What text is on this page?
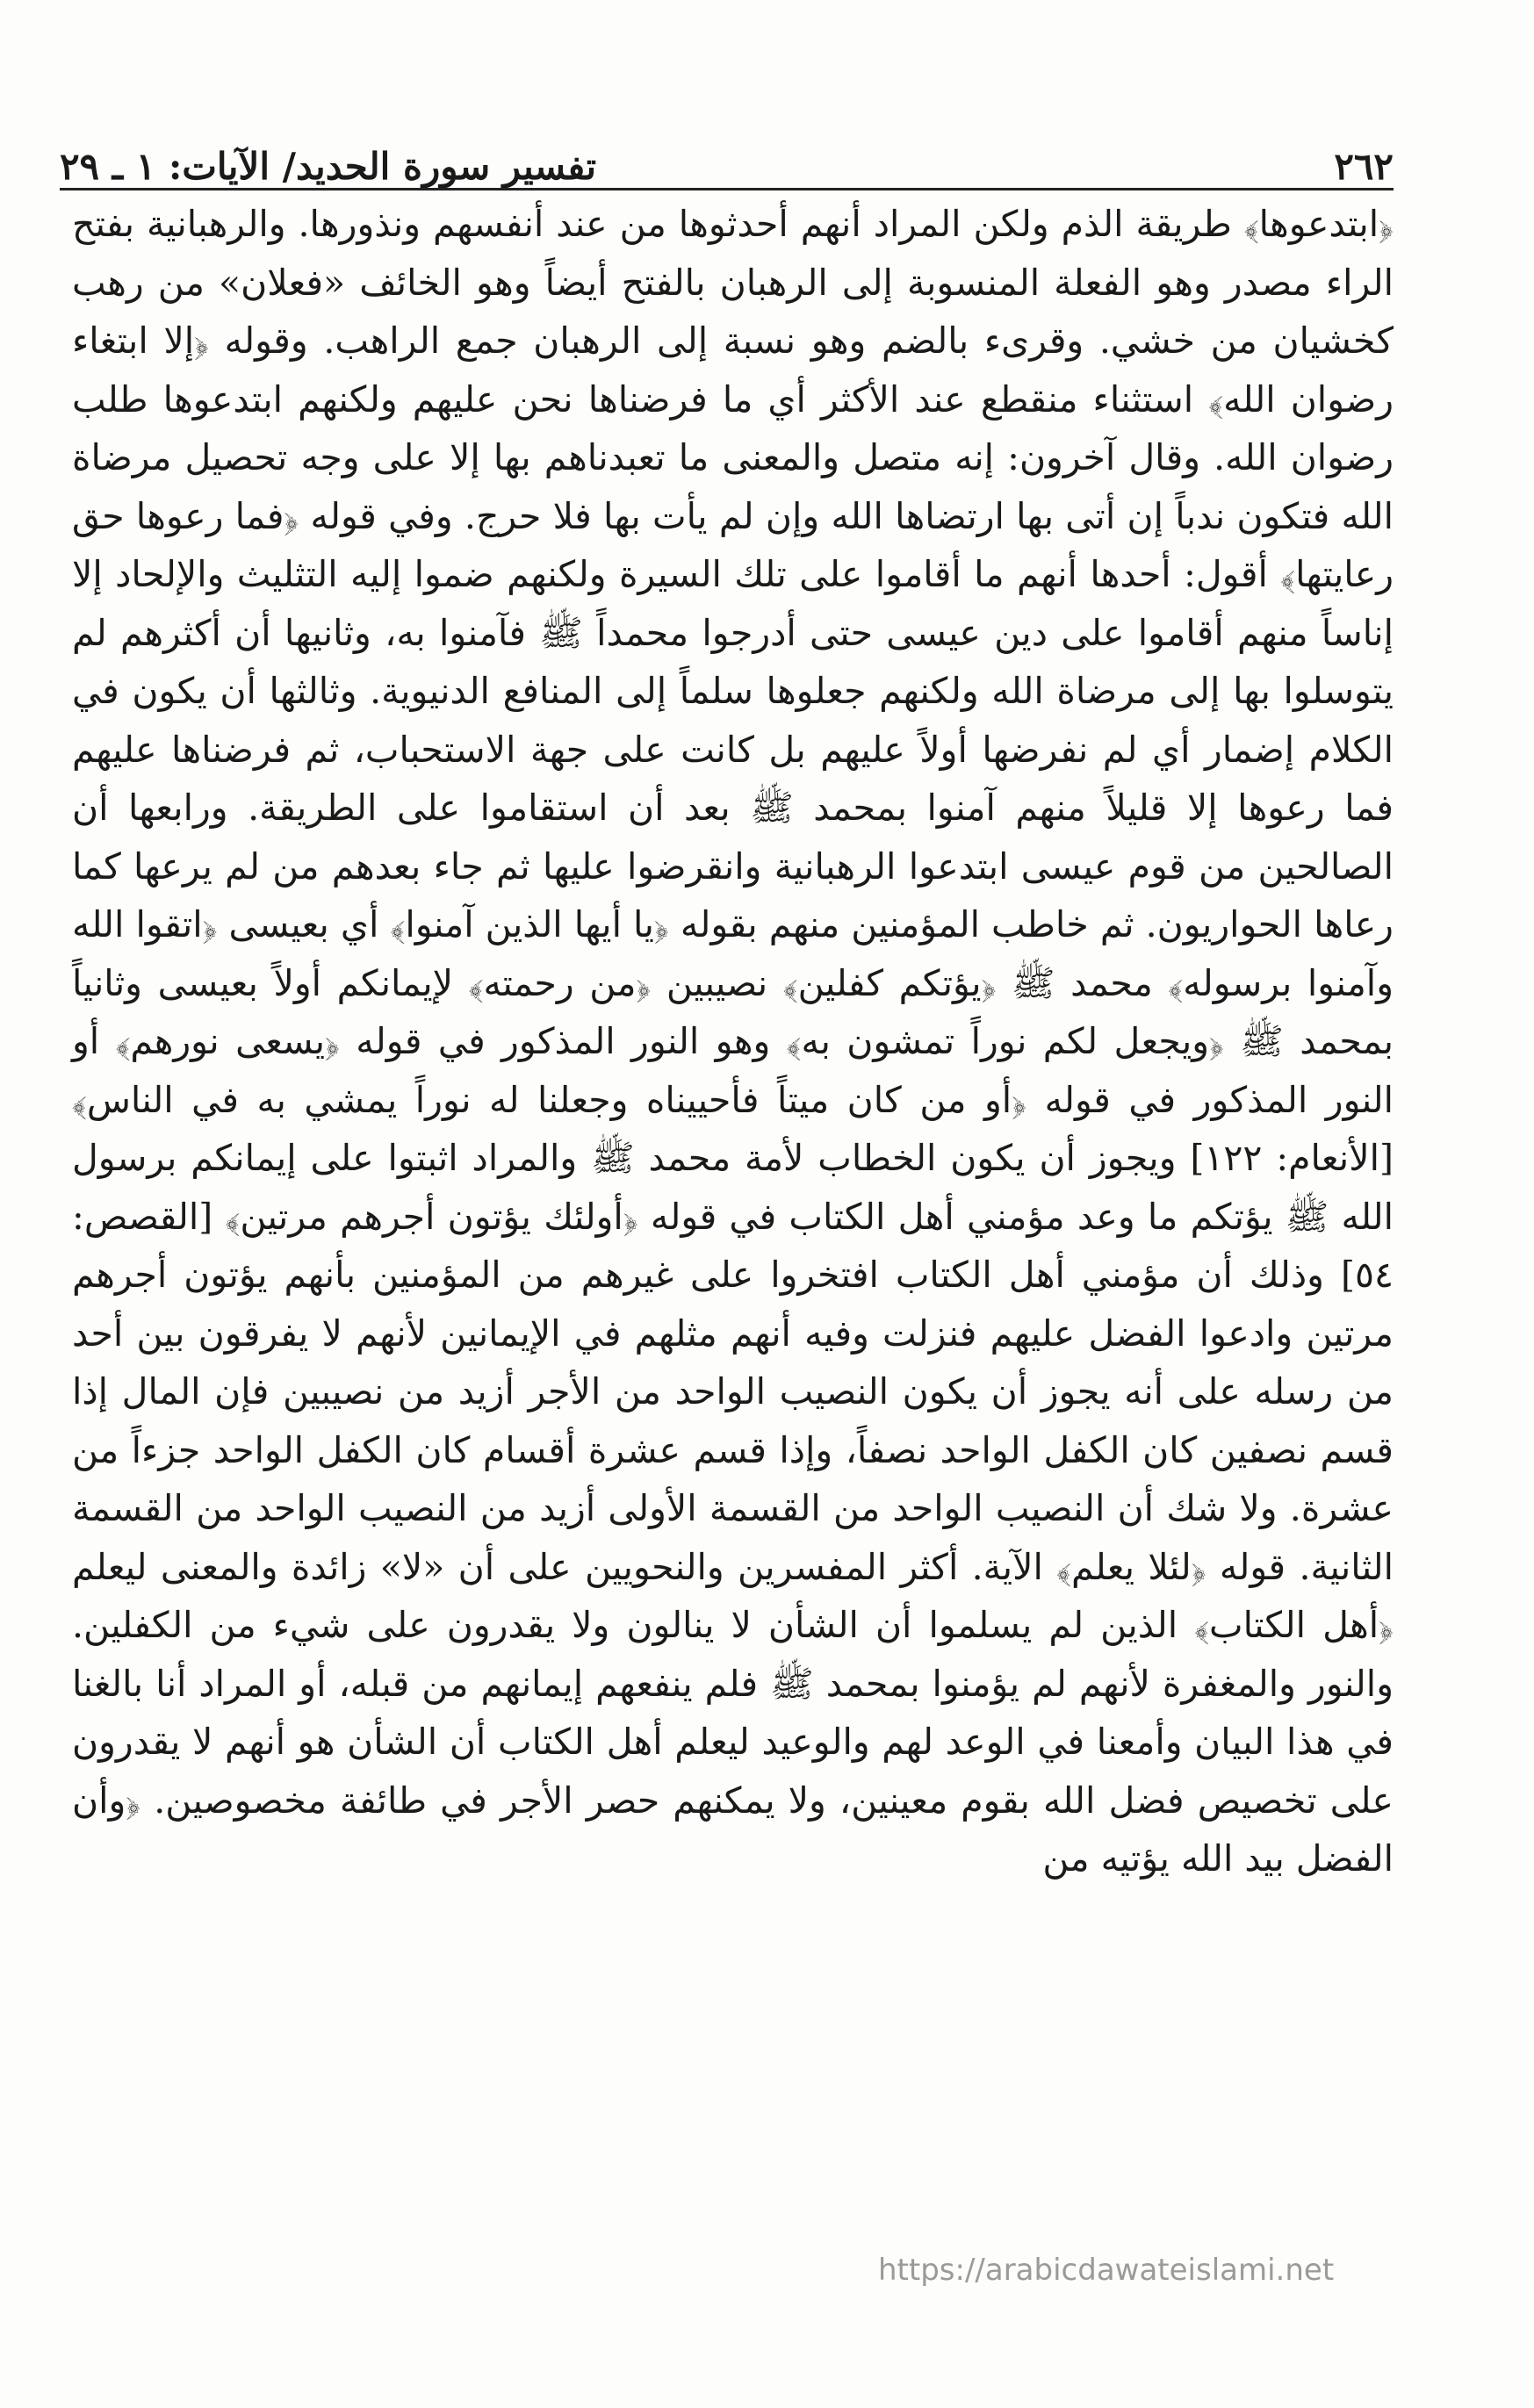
٢٦٢
تفسير سورة الحديد/ الآيات: ١ ـ ٢٩

﴿ابتدعوها﴾ طريقة الذم ولكن المراد أنهم أحدثوها من عند أنفسهم ونذورها. والرهبانية بفتح الراء مصدر وهو الفعلة المنسوبة إلى الرهبان بالفتح أيضاً وهو الخائف «فعلان» من رهب كخشيان من خشي. وقرىء بالضم وهو نسبة إلى الرهبان جمع الراهب. وقوله ﴿إلا ابتغاء رضوان الله﴾ استثناء منقطع عند الأكثر أي ما فرضناها نحن عليهم ولكنهم ابتدعوها طلب رضوان الله. وقال آخرون: إنه متصل والمعنى ما تعبدناهم بها إلا على وجه تحصيل مرضاة الله فتكون ندباً إن أتى بها ارتضاها الله وإن لم يأت بها فلا حرج. وفي قوله ﴿فما رعوها حق رعايتها﴾ أقول: أحدها أنهم ما أقاموا على تلك السيرة ولكنهم ضموا إليه التثليث والإلحاد إلا إناساً منهم أقاموا على دين عيسى حتى أدرجوا محمداً ﷺ فآمنوا به، وثانيها أن أكثرهم لم يتوسلوا بها إلى مرضاة الله ولكنهم جعلوها سلماً إلى المنافع الدنيوية. وثالثها أن يكون في الكلام إضمار أي لم نفرضها أولاً عليهم بل كانت على جهة الاستحباب، ثم فرضناها عليهم فما رعوها إلا قليلاً منهم آمنوا بمحمد ﷺ بعد أن استقاموا على الطريقة. ورابعها أن الصالحين من قوم عيسى ابتدعوا الرهبانية وانقرضوا عليها ثم جاء بعدهم من لم يرعها كما رعاها الحواريون. ثم خاطب المؤمنين منهم بقوله ﴿يا أيها الذين آمنوا﴾ أي بعيسى ﴿اتقوا الله وآمنوا برسوله﴾ محمد ﷺ ﴿يؤتكم كفلين﴾ نصيبين ﴿من رحمته﴾ لإيمانكم أولاً بعيسى وثانياً بمحمد ﷺ ﴿ويجعل لكم نوراً تمشون به﴾ وهو النور المذكور في قوله ﴿يسعى نورهم﴾ أو النور المذكور في قوله ﴿أو من كان ميتاً فأحييناه وجعلنا له نوراً يمشي به في الناس﴾ [الأنعام: ١٢٢] ويجوز أن يكون الخطاب لأمة محمد ﷺ والمراد اثبتوا على إيمانكم برسول الله ﷺ يؤتكم ما وعد مؤمني أهل الكتاب في قوله ﴿أولئك يؤتون أجرهم مرتين﴾ [القصص: ٥٤] وذلك أن مؤمني أهل الكتاب افتخروا على غيرهم من المؤمنين بأنهم يؤتون أجرهم مرتين وادعوا الفضل عليهم فنزلت وفيه أنهم مثلهم في الإيمانين لأنهم لا يفرقون بين أحد من رسله على أنه يجوز أن يكون النصيب الواحد من الأجر أزيد من نصيبين فإن المال إذا قسم نصفين كان الكفل الواحد نصفاً، وإذا قسم عشرة أقسام كان الكفل الواحد جزءاً من عشرة. ولا شك أن النصيب الواحد من القسمة الأولى أزيد من النصيب الواحد من القسمة الثانية. قوله ﴿لئلا يعلم﴾ الآية. أكثر المفسرين والنحويين على أن «لا» زائدة والمعنى ليعلم ﴿أهل الكتاب﴾ الذين لم يسلموا أن الشأن لا ينالون ولا يقدرون على شيء من الكفلين. والنور والمغفرة لأنهم لم يؤمنوا بمحمد ﷺ فلم ينفعهم إيمانهم من قبله، أو المراد أنا بالغنا في هذا البيان وأمعنا في الوعد لهم والوعيد ليعلم أهل الكتاب أن الشأن هو أنهم لا يقدرون على تخصيص فضل الله بقوم معينين، ولا يمكنهم حصر الأجر في طائفة مخصوصين. ﴿وأن الفضل بيد الله يؤتيه من

https://arabicdawateislami.net
